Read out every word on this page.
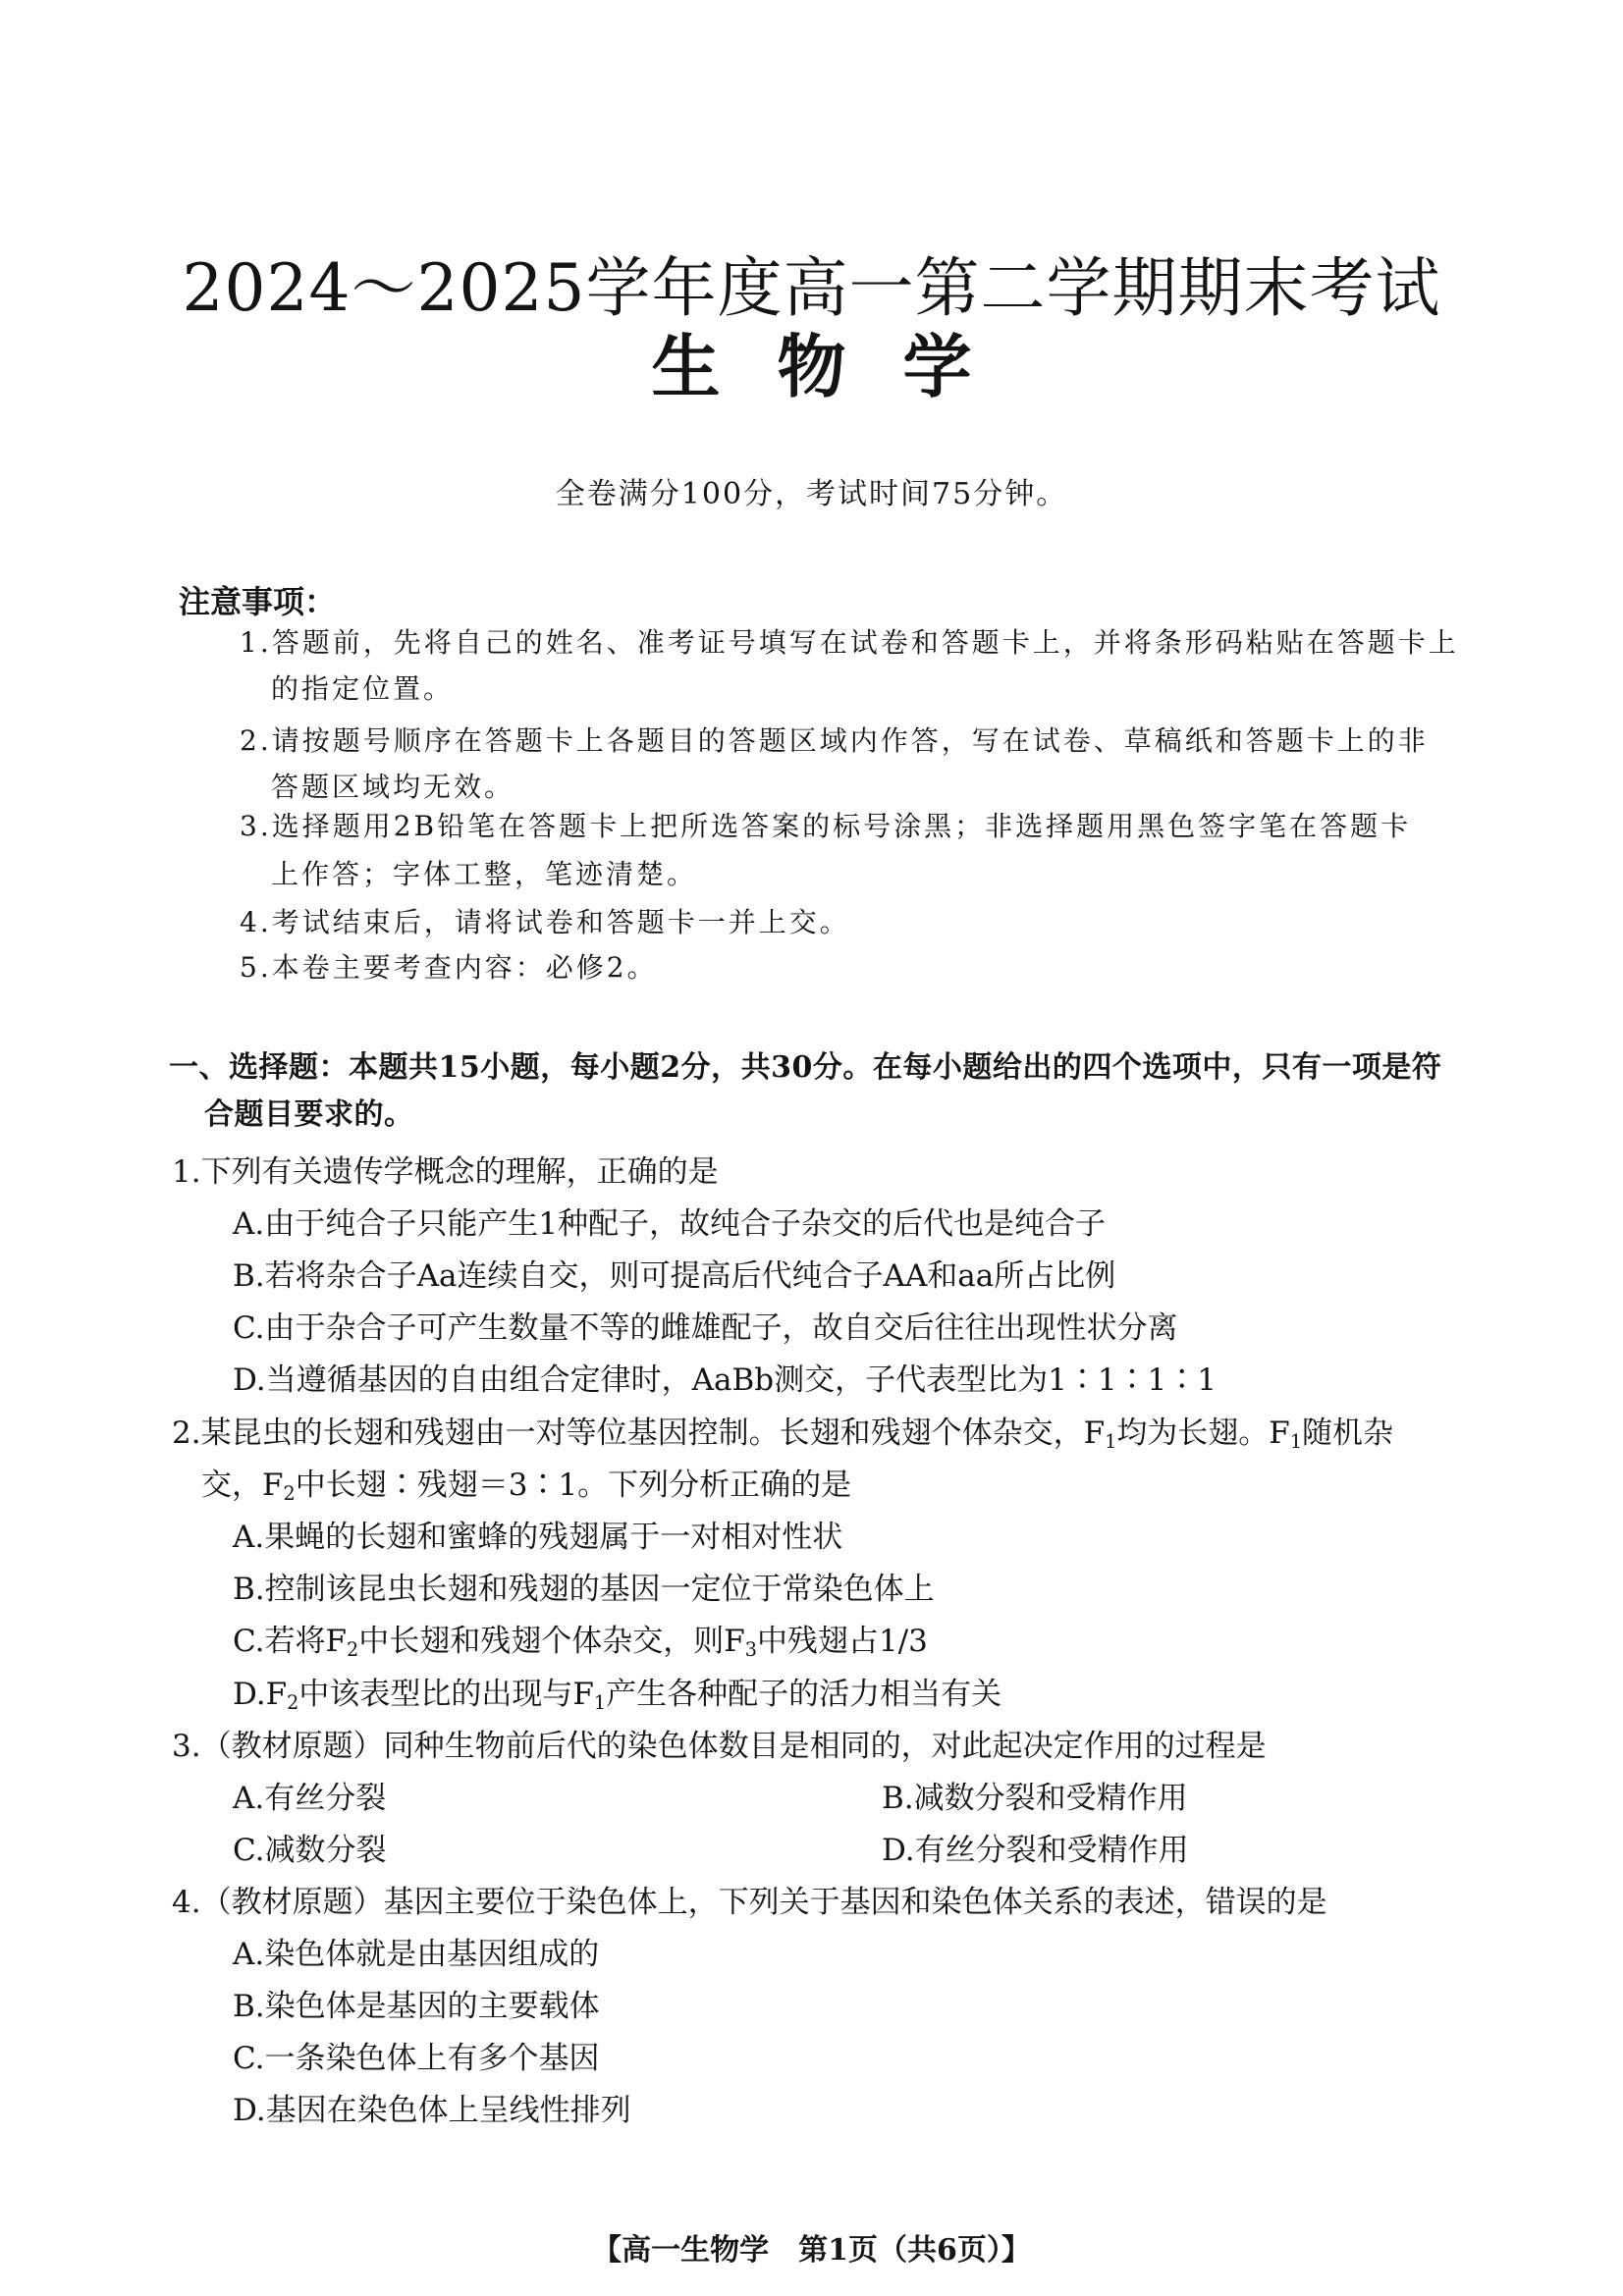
2024～2025学年度高一第二学期期末考试
生物学
全卷满分100分，考试时间75分钟。
注意事项：
1.答题前，先将自己的姓名、准考证号填写在试卷和答题卡上，并将条形码粘贴在答题卡上
的指定位置。
2.请按题号顺序在答题卡上各题目的答题区域内作答，写在试卷、草稿纸和答题卡上的非
答题区域均无效。
3.选择题用2B铅笔在答题卡上把所选答案的标号涂黑；非选择题用黑色签字笔在答题卡
上作答；字体工整，笔迹清楚。
4.考试结束后，请将试卷和答题卡一并上交。
5.本卷主要考查内容：必修2。
一、选择题：本题共15小题，每小题2分，共30分。在每小题给出的四个选项中，只有一项是符
合题目要求的。
1.下列有关遗传学概念的理解，正确的是
A.由于纯合子只能产生1种配子，故纯合子杂交的后代也是纯合子
B.若将杂合子Aa连续自交，则可提高后代纯合子AA和aa所占比例
C.由于杂合子可产生数量不等的雌雄配子，故自交后往往出现性状分离
D.当遵循基因的自由组合定律时，AaBb测交，子代表型比为1∶1∶1∶1
2.某昆虫的长翅和残翅由一对等位基因控制。长翅和残翅个体杂交，$F_1$均为长翅。$F_1$随机杂
交，$F_2$中长翅∶残翅＝3∶1。下列分析正确的是
A.果蝇的长翅和蜜蜂的残翅属于一对相对性状
B.控制该昆虫长翅和残翅的基因一定位于常染色体上
C.若将$F_2$中长翅和残翅个体杂交，则$F_3$中残翅占1/3
$D.F_2$中该表型比的出现与$F_1$产生各种配子的活力相当有关
3.（教材原题）同种生物前后代的染色体数目是相同的，对此起决定作用的过程是
A.有丝分裂	B.减数分裂和受精作用
C.减数分裂	D.有丝分裂和受精作用
4.（教材原题）基因主要位于染色体上，下列关于基因和染色体关系的表述，错误的是
A.染色体就是由基因组成的
B.染色体是基因的主要载体
C.一条染色体上有多个基因
D.基因在染色体上呈线性排列
【高一生物学　第1页（共6页）】
